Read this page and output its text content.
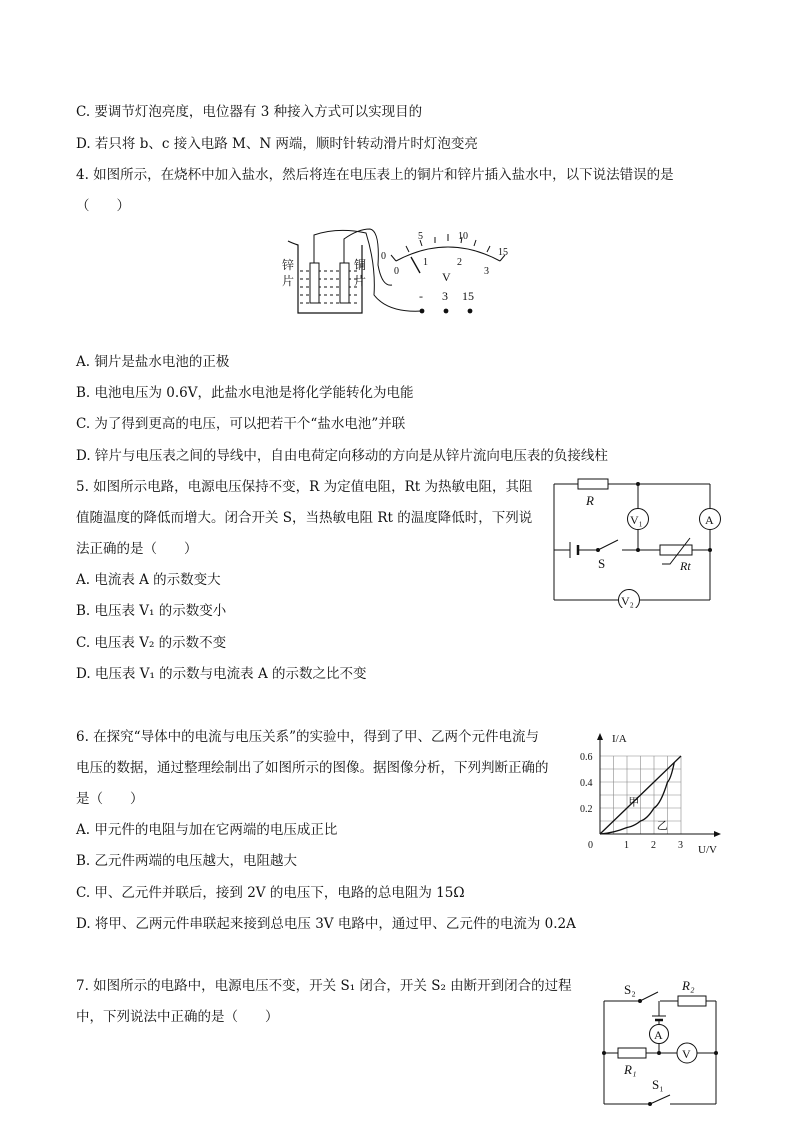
C. 要调节灯泡亮度，电位器有 3 种接入方式可以实现目的
D. 若只将 b、c 接入电路 M、N 两端，顺时针转动滑片时灯泡变亮
4. 如图所示，在烧杯中加入盐水，然后将连在电压表上的铜片和锌片插入盐水中，以下说法错误的是
（　　）
锌
片
铜
片
0
5	10
15
0
1	2
3
V
- 3 15
A. 铜片是盐水电池的正极
B. 电池电压为 0.6V，此盐水电池是将化学能转化为电能
C. 为了得到更高的电压，可以把若干个“盐水电池”并联
D. 锌片与电压表之间的导线中，自由电荷定向移动的方向是从锌片流向电压表的负接线柱
5. 如图所示电路，电源电压保持不变，R 为定值电阻，Rt 为热敏电阻，其阻
值随温度的降低而增大。闭合开关 S，当热敏电阻 Rt 的温度降低时，下列说
法正确的是（　　）
R
V₁	A
S	Rt
V₂
A. 电流表 A 的示数变大
B. 电压表 V₁ 的示数变小
C. 电压表 V₂ 的示数不变
D. 电压表 V₁ 的示数与电流表 A 的示数之比不变
6. 在探究“导体中的电流与电压关系”的实验中，得到了甲、乙两个元件电流与
电压的数据，通过整理绘制出了如图所示的图像。据图像分析，下列判断正确的
是（　　）
A. 甲元件的电阻与加在它两端的电压成正比
B. 乙元件两端的电压越大，电阻越大
C. 甲、乙元件并联后，接到 2V 的电压下，电路的总电阻为 15Ω
D. 将甲、乙两元件串联起来接到总电压 3V 电路中，通过甲、乙元件的电流为 0.2A
I/A
U/V
0	1 2 3
0.2
0.4
0.6
甲
乙
7. 如图所示的电路中，电源电压不变，开关 S₁ 闭合，开关 S₂ 由断开到闭合的过程
中，下列说法中正确的是（　　）
S₂	R₂
A
R₁
V
S₁
